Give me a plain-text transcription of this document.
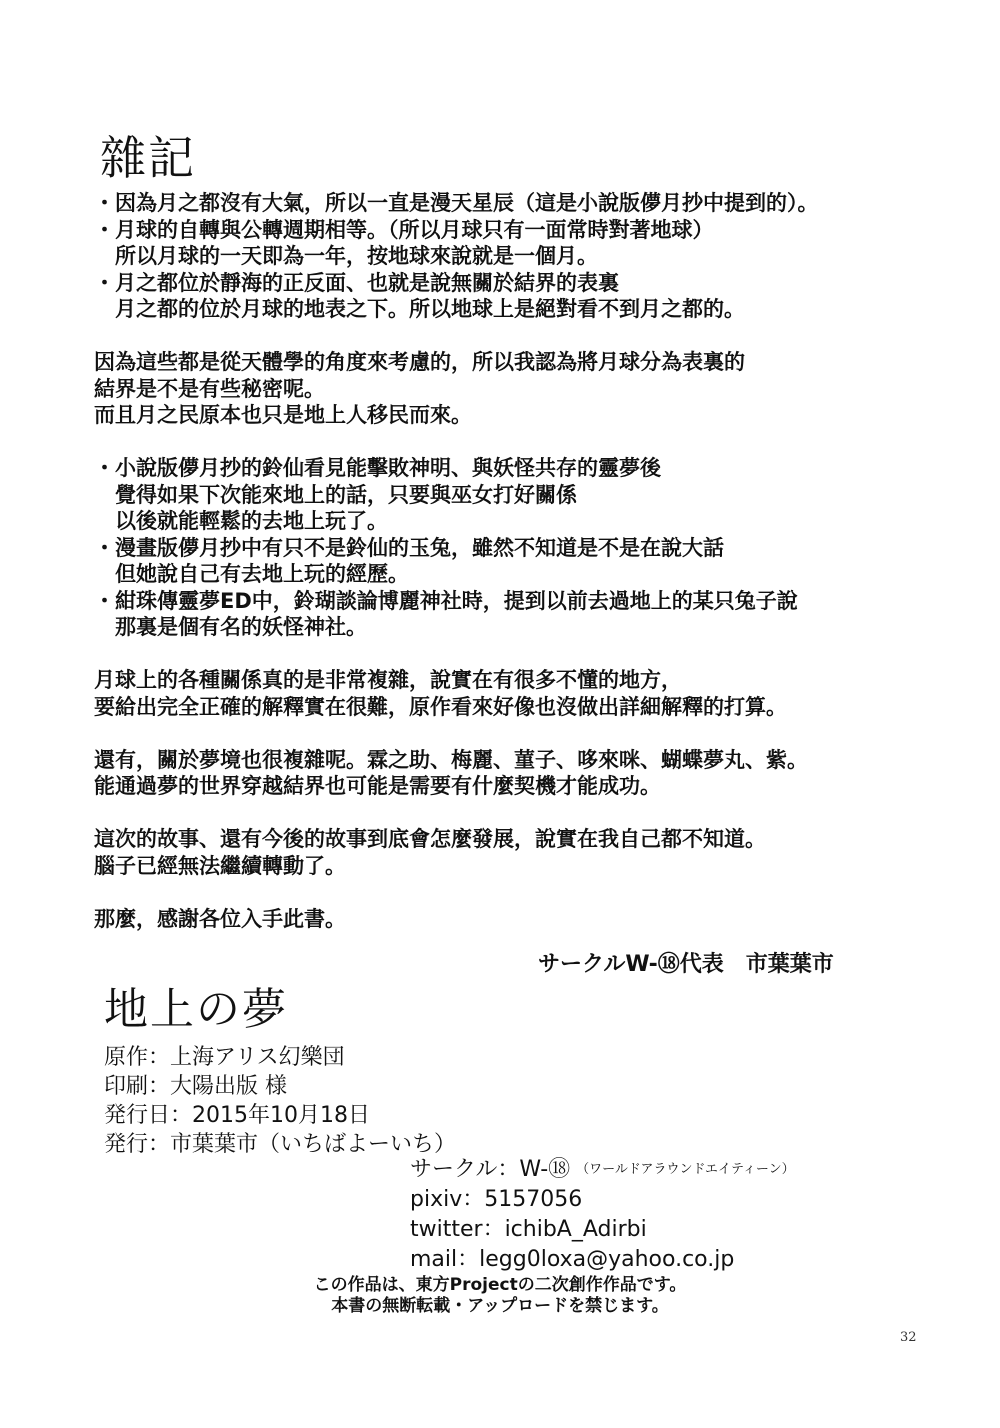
雜記
・因為月之都沒有大氣，所以一直是漫天星辰（這是小說版儚月抄中提到的）。
・月球的自轉與公轉週期相等。（所以月球只有一面常時對著地球）
　所以月球的一天即為一年，按地球來說就是一個月。
・月之都位於靜海的正反面、也就是說無關於結界的表裏
　月之都的位於月球的地表之下。所以地球上是絕對看不到月之都的。
因為這些都是從天體學的角度來考慮的，所以我認為將月球分為表裏的
結界是不是有些秘密呢。
而且月之民原本也只是地上人移民而來。
・小說版儚月抄的鈴仙看見能擊敗神明、與妖怪共存的靈夢後
　覺得如果下次能來地上的話，只要與巫女打好關係
　以後就能輕鬆的去地上玩了。
・漫畫版儚月抄中有只不是鈴仙的玉兔，雖然不知道是不是在說大話
　但她說自己有去地上玩的經歷。
・紺珠傳靈夢ED中，鈴瑚談論博麗神社時，提到以前去過地上的某只兔子說
　那裏是個有名的妖怪神社。
月球上的各種關係真的是非常複雜，說實在有很多不懂的地方，
要給出完全正確的解釋實在很難，原作看來好像也沒做出詳細解釋的打算。
還有，關於夢境也很複雜呢。霖之助、梅麗、菫子、哆來咪、蝴蝶夢丸、紫。
能通過夢的世界穿越結界也可能是需要有什麼契機才能成功。
這次的故事、還有今後的故事到底會怎麼發展，說實在我自己都不知道。
腦子已經無法繼續轉動了。
那麼，感謝各位入手此書。
サークルW-⑱代表　市葉葉市
地上の夢
原作：上海アリス幻樂団
印刷：大陽出版 様
発行日：2015年10月18日
発行：市葉葉市（いちばよーいち）
サークル：W-⑱ （ワールドアラウンドエイティーン）
pixiv：5157056
twitter：ichibA_Adirbi
mail：legg0loxa@yahoo.co.jp
この作品は、東方Projectの二次創作作品です。
本書の無断転載・アップロードを禁じます。
32
